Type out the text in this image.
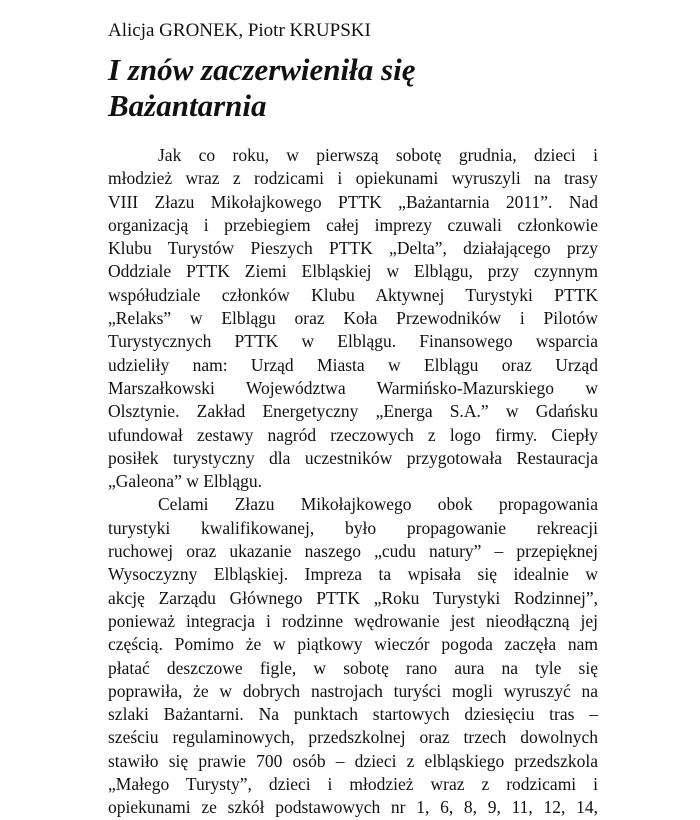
Alicja GRONEK, Piotr KRUPSKI
I znów zaczerwieniła się
Bażantarnia
Jak co roku, w pierwszą sobotę grudnia, dzieci i
młodzież wraz z rodzicami i opiekunami wyruszyli na trasy
VIII Złazu Mikołajkowego PTTK „Bażantarnia 2011”. Nad
organizacją i przebiegiem całej imprezy czuwali członkowie
Klubu Turystów Pieszych PTTK „Delta”, działającego przy
Oddziale PTTK Ziemi Elbląskiej w Elblągu, przy czynnym
współudziale członków Klubu Aktywnej Turystyki PTTK
„Relaks” w Elblągu oraz Koła Przewodników i Pilotów
Turystycznych PTTK w Elblągu. Finansowego wsparcia
udzieliły nam: Urząd Miasta w Elblągu oraz Urząd
Marszałkowski Województwa Warmińsko-Mazurskiego w
Olsztynie. Zakład Energetyczny „Energa S.A.” w Gdańsku
ufundował zestawy nagród rzeczowych z logo firmy. Ciepły
posiłek turystyczny dla uczestników przygotowała Restauracja
„Galeona” w Elblągu.
Celami Złazu Mikołajkowego obok propagowania
turystyki kwalifikowanej, było propagowanie rekreacji
ruchowej oraz ukazanie naszego „cudu natury” – przepięknej
Wysoczyzny Elbląskiej. Impreza ta wpisała się idealnie w
akcję Zarządu Głównego PTTK „Roku Turystyki Rodzinnej”,
ponieważ integracja i rodzinne wędrowanie jest nieodłączną jej
częścią. Pomimo że w piątkowy wieczór pogoda zaczęła nam
płatać deszczowe figle, w sobotę rano aura na tyle się
poprawiła, że w dobrych nastrojach turyści mogli wyruszyć na
szlaki Bażantarni. Na punktach startowych dziesięciu tras –
sześciu regulaminowych, przedszkolnej oraz trzech dowolnych
stawiło się prawie 700 osób – dzieci z elbląskiego przedszkola
„Małego Turysty”, dzieci i młodzież wraz z rodzicami i
opiekunami ze szkół podstawowych nr 1, 6, 8, 9, 11, 12, 14,
